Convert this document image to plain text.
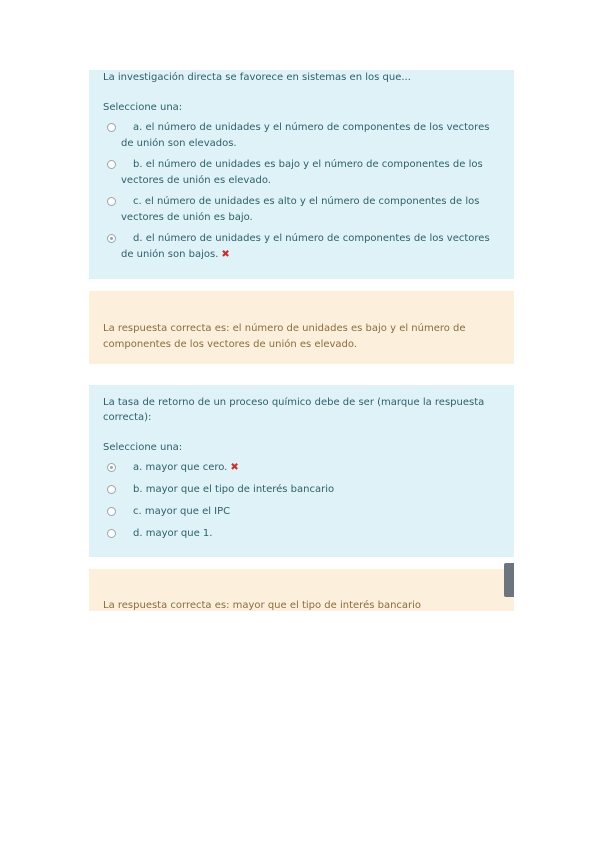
La investigación directa se favorece en sistemas en los que...
Seleccione una:
a. el número de unidades y el número de componentes de los vectores de unión son elevados.
b. el número de unidades es bajo y el número de componentes de los vectores de unión es elevado.
c. el número de unidades es alto y el número de componentes de los vectores de unión es bajo.
d. el número de unidades y el número de componentes de los vectores de unión son bajos. ✖
La respuesta correcta es: el número de unidades es bajo y el número de componentes de los vectores de unión es elevado.
La tasa de retorno de un proceso químico debe de ser (marque la respuesta correcta):
Seleccione una:
a. mayor que cero. ✖
b. mayor que el tipo de interés bancario
c. mayor que el IPC
d. mayor que 1.
La respuesta correcta es: mayor que el tipo de interés bancario
